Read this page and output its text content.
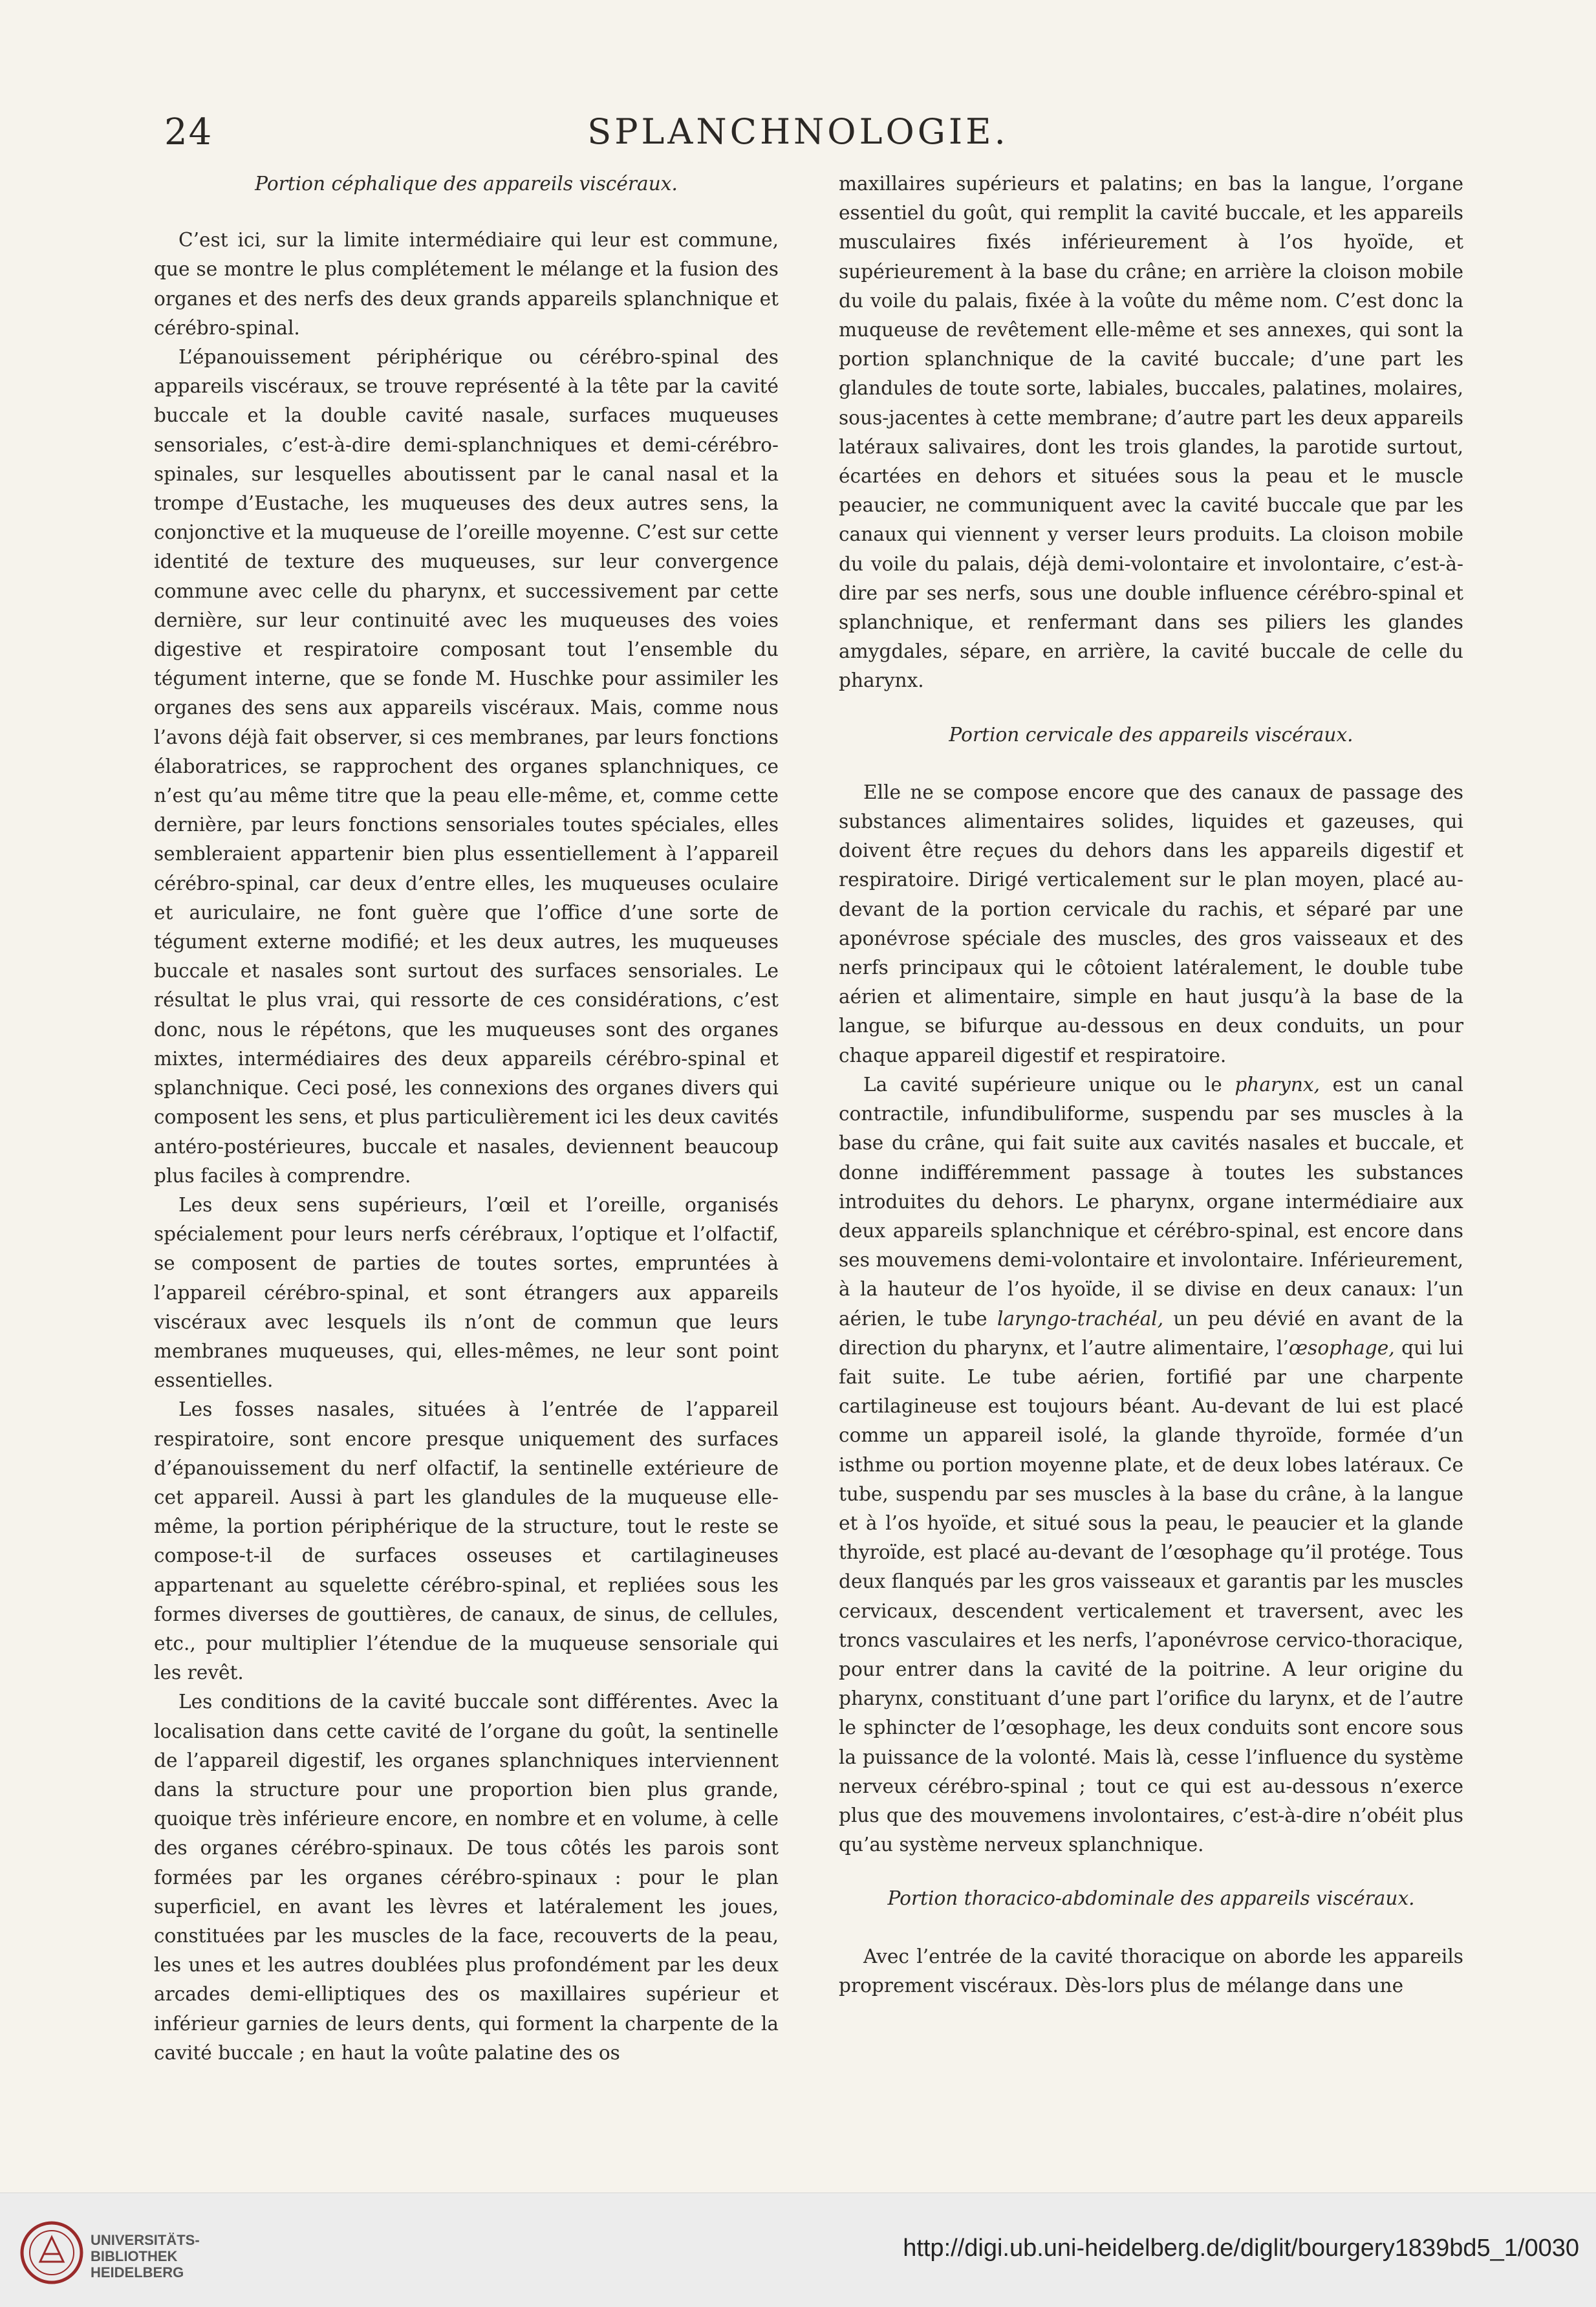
24	SPLANCHNOLOGIE.
Portion céphalique des appareils viscéraux.

C’est ici, sur la limite intermédiaire qui leur est commune, que se montre le plus complétement le mélange et la fusion des organes et des nerfs des deux grands appareils splanchnique et cérébro-spinal.

L’épanouissement périphérique ou cérébro-spinal des appareils viscéraux, se trouve représenté à la tête par la cavité buccale et la double cavité nasale, surfaces muqueuses sensoriales, c’est-à-dire demi-splanchniques et demi-cérébro-spinales, sur lesquelles aboutissent par le canal nasal et la trompe d’Eustache, les muqueuses des deux autres sens, la conjonctive et la muqueuse de l’oreille moyenne. C’est sur cette identité de texture des muqueuses, sur leur convergence commune avec celle du pharynx, et successivement par cette dernière, sur leur continuité avec les muqueuses des voies digestive et respiratoire composant tout l’ensemble du tégument interne, que se fonde M. Huschke pour assimiler les organes des sens aux appareils viscéraux. Mais, comme nous l’avons déjà fait observer, si ces membranes, par leurs fonctions élaboratrices, se rapprochent des organes splanchniques, ce n’est qu’au même titre que la peau elle-même, et, comme cette dernière, par leurs fonctions sensoriales toutes spéciales, elles sembleraient appartenir bien plus essentiellement à l’appareil cérébro-spinal, car deux d’entre elles, les muqueuses oculaire et auriculaire, ne font guère que l’office d’une sorte de tégument externe modifié; et les deux autres, les muqueuses buccale et nasales sont surtout des surfaces sensoriales. Le résultat le plus vrai, qui ressorte de ces considérations, c’est donc, nous le répétons, que les muqueuses sont des organes mixtes, intermédiaires des deux appareils cérébro-spinal et splanchnique. Ceci posé, les connexions des organes divers qui composent les sens, et plus particulièrement ici les deux cavités antéro-postérieures, buccale et nasales, deviennent beaucoup plus faciles à comprendre.

Les deux sens supérieurs, l’œil et l’oreille, organisés spécialement pour leurs nerfs cérébraux, l’optique et l’olfactif, se composent de parties de toutes sortes, empruntées à l’appareil cérébro-spinal, et sont étrangers aux appareils viscéraux avec lesquels ils n’ont de commun que leurs membranes muqueuses, qui, elles-mêmes, ne leur sont point essentielles.

Les fosses nasales, situées à l’entrée de l’appareil respiratoire, sont encore presque uniquement des surfaces d’épanouissement du nerf olfactif, la sentinelle extérieure de cet appareil. Aussi à part les glandules de la muqueuse elle-même, la portion périphérique de la structure, tout le reste se compose-t-il de surfaces osseuses et cartilagineuses appartenant au squelette cérébro-spinal, et repliées sous les formes diverses de gouttières, de canaux, de sinus, de cellules, etc., pour multiplier l’étendue de la muqueuse sensoriale qui les revêt.

Les conditions de la cavité buccale sont différentes. Avec la localisation dans cette cavité de l’organe du goût, la sentinelle de l’appareil digestif, les organes splanchniques interviennent dans la structure pour une proportion bien plus grande, quoique très inférieure encore, en nombre et en volume, à celle des organes cérébro-spinaux. De tous côtés les parois sont formées par les organes cérébro-spinaux : pour le plan superficiel, en avant les lèvres et latéralement les joues, constituées par les muscles de la face, recouverts de la peau, les unes et les autres doublées plus profondément par les deux arcades demi-elliptiques des os maxillaires supérieur et inférieur garnies de leurs dents, qui forment la charpente de la cavité buccale ; en haut la voûte palatine des os

maxillaires supérieurs et palatins; en bas la langue, l’organe essentiel du goût, qui remplit la cavité buccale, et les appareils musculaires fixés inférieurement à l’os hyoïde, et supérieurement à la base du crâne; en arrière la cloison mobile du voile du palais, fixée à la voûte du même nom. C’est donc la muqueuse de revêtement elle-même et ses annexes, qui sont la portion splanchnique de la cavité buccale; d’une part les glandules de toute sorte, labiales, buccales, palatines, molaires, sous-jacentes à cette membrane; d’autre part les deux appareils latéraux salivaires, dont les trois glandes, la parotide surtout, écartées en dehors et situées sous la peau et le muscle peaucier, ne communiquent avec la cavité buccale que par les canaux qui viennent y verser leurs produits. La cloison mobile du voile du palais, déjà demi-volontaire et involontaire, c’est-à-dire par ses nerfs, sous une double influence cérébro-spinal et splanchnique, et renfermant dans ses piliers les glandes amygdales, sépare, en arrière, la cavité buccale de celle du pharynx.

Portion cervicale des appareils viscéraux.

Elle ne se compose encore que des canaux de passage des substances alimentaires solides, liquides et gazeuses, qui doivent être reçues du dehors dans les appareils digestif et respiratoire. Dirigé verticalement sur le plan moyen, placé au-devant de la portion cervicale du rachis, et séparé par une aponévrose spéciale des muscles, des gros vaisseaux et des nerfs principaux qui le côtoient latéralement, le double tube aérien et alimentaire, simple en haut jusqu’à la base de la langue, se bifurque au-dessous en deux conduits, un pour chaque appareil digestif et respiratoire.

La cavité supérieure unique ou le pharynx, est un canal contractile, infundibuliforme, suspendu par ses muscles à la base du crâne, qui fait suite aux cavités nasales et buccale, et donne indifféremment passage à toutes les substances introduites du dehors. Le pharynx, organe intermédiaire aux deux appareils splanchnique et cérébro-spinal, est encore dans ses mouvemens demi-volontaire et involontaire. Inférieurement, à la hauteur de l’os hyoïde, il se divise en deux canaux: l’un aérien, le tube laryngo-trachéal, un peu dévié en avant de la direction du pharynx, et l’autre alimentaire, l’œsophage, qui lui fait suite. Le tube aérien, fortifié par une charpente cartilagineuse est toujours béant. Au-devant de lui est placé comme un appareil isolé, la glande thyroïde, formée d’un isthme ou portion moyenne plate, et de deux lobes latéraux. Ce tube, suspendu par ses muscles à la base du crâne, à la langue et à l’os hyoïde, et situé sous la peau, le peaucier et la glande thyroïde, est placé au-devant de l’œsophage qu’il protége. Tous deux flanqués par les gros vaisseaux et garantis par les muscles cervicaux, descendent verticalement et traversent, avec les troncs vasculaires et les nerfs, l’aponévrose cervico-thoracique, pour entrer dans la cavité de la poitrine. A leur origine du pharynx, constituant d’une part l’orifice du larynx, et de l’autre le sphincter de l’œsophage, les deux conduits sont encore sous la puissance de la volonté. Mais là, cesse l’influence du système nerveux cérébro-spinal ; tout ce qui est au-dessous n’exerce plus que des mouvemens involontaires, c’est-à-dire n’obéit plus qu’au système nerveux splanchnique.

Portion thoracico-abdominale des appareils viscéraux.

Avec l’entrée de la cavité thoracique on aborde les appareils proprement viscéraux. Dès-lors plus de mélange dans une

UNIVERSITÄTS-
BIBLIOTHEK
HEIDELBERG
http://digi.ub.uni-heidelberg.de/diglit/bourgery1839bd5_1/0030
